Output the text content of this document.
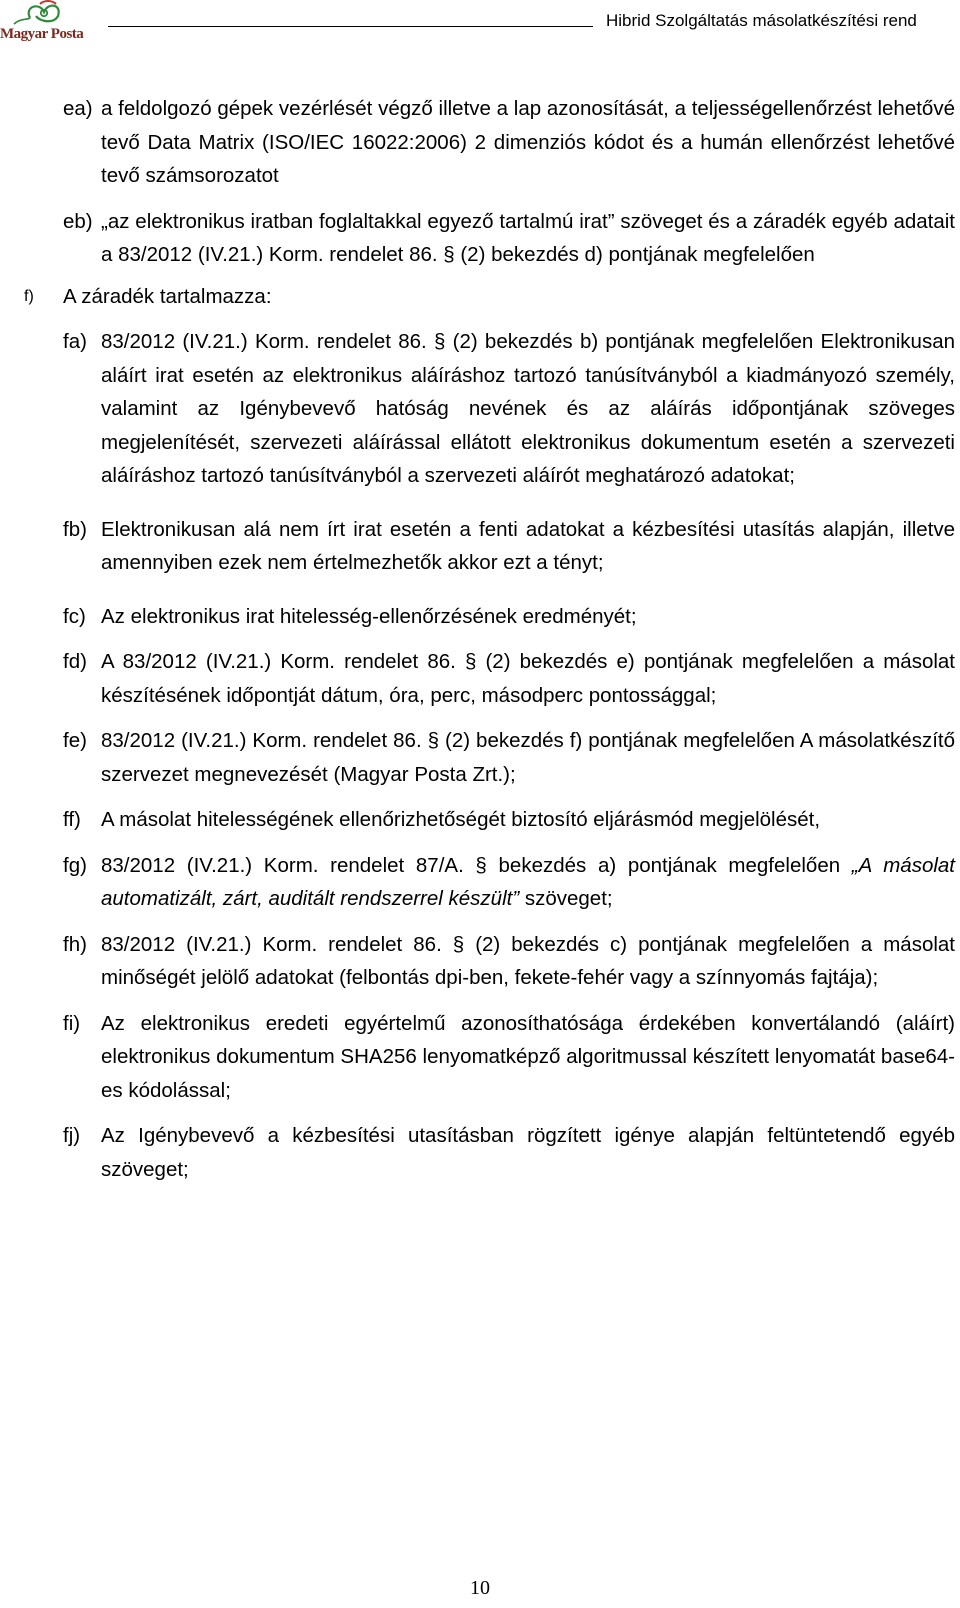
Magyar Posta
Hibrid Szolgáltatás másolatkészítési rend
ea) a feldolgozó gépek vezérlését végző illetve a lap azonosítását, a teljességellenőrzést lehetővé tevő Data Matrix (ISO/IEC 16022:2006) 2 dimenziós kódot és a humán ellenőrzést lehetővé tevő számsorozatot
eb) „az elektronikus iratban foglaltakkal egyező tartalmú irat” szöveget és a záradék egyéb adatait a 83/2012 (IV.21.) Korm. rendelet 86. § (2) bekezdés d) pontjának megfelelően
f) A záradék tartalmazza:
fa) 83/2012 (IV.21.) Korm. rendelet 86. § (2) bekezdés b) pontjának megfelelően Elektronikusan aláírt irat esetén az elektronikus aláíráshoz tartozó tanúsítványból a kiadmányozó személy, valamint az Igénybevevő hatóság nevének és az aláírás időpontjának szöveges megjelenítését, szervezeti aláírással ellátott elektronikus dokumentum esetén a szervezeti aláíráshoz tartozó tanúsítványból a szervezeti aláírót meghatározó adatokat;
fb) Elektronikusan alá nem írt irat esetén a fenti adatokat a kézbesítési utasítás alapján, illetve amennyiben ezek nem értelmezhetők akkor ezt a tényt;
fc) Az elektronikus irat hitelesség-ellenőrzésének eredményét;
fd) A 83/2012 (IV.21.) Korm. rendelet 86. § (2) bekezdés e) pontjának megfelelően a másolat készítésének időpontját dátum, óra, perc, másodperc pontossággal;
fe) 83/2012 (IV.21.) Korm. rendelet 86. § (2) bekezdés f) pontjának megfelelően A másolatkészítő szervezet megnevezését (Magyar Posta Zrt.);
ff) A másolat hitelességének ellenőrizhetőségét biztosító eljárásmód megjelölését,
fg) 83/2012 (IV.21.) Korm. rendelet 87/A. § bekezdés a) pontjának megfelelően „A másolat automatizált, zárt, auditált rendszerrel készült” szöveget;
fh) 83/2012 (IV.21.) Korm. rendelet 86. § (2) bekezdés c) pontjának megfelelően a másolat minőségét jelölő adatokat (felbontás dpi-ben, fekete-fehér vagy a színnyomás fajtája);
fi) Az elektronikus eredeti egyértelmű azonosíthatósága érdekében konvertálandó (aláírt) elektronikus dokumentum SHA256 lenyomatképző algoritmussal készített lenyomatát base64-es kódolással;
fj) Az Igénybevevő a kézbesítési utasításban rögzített igénye alapján feltüntetendő egyéb szöveget;
10
